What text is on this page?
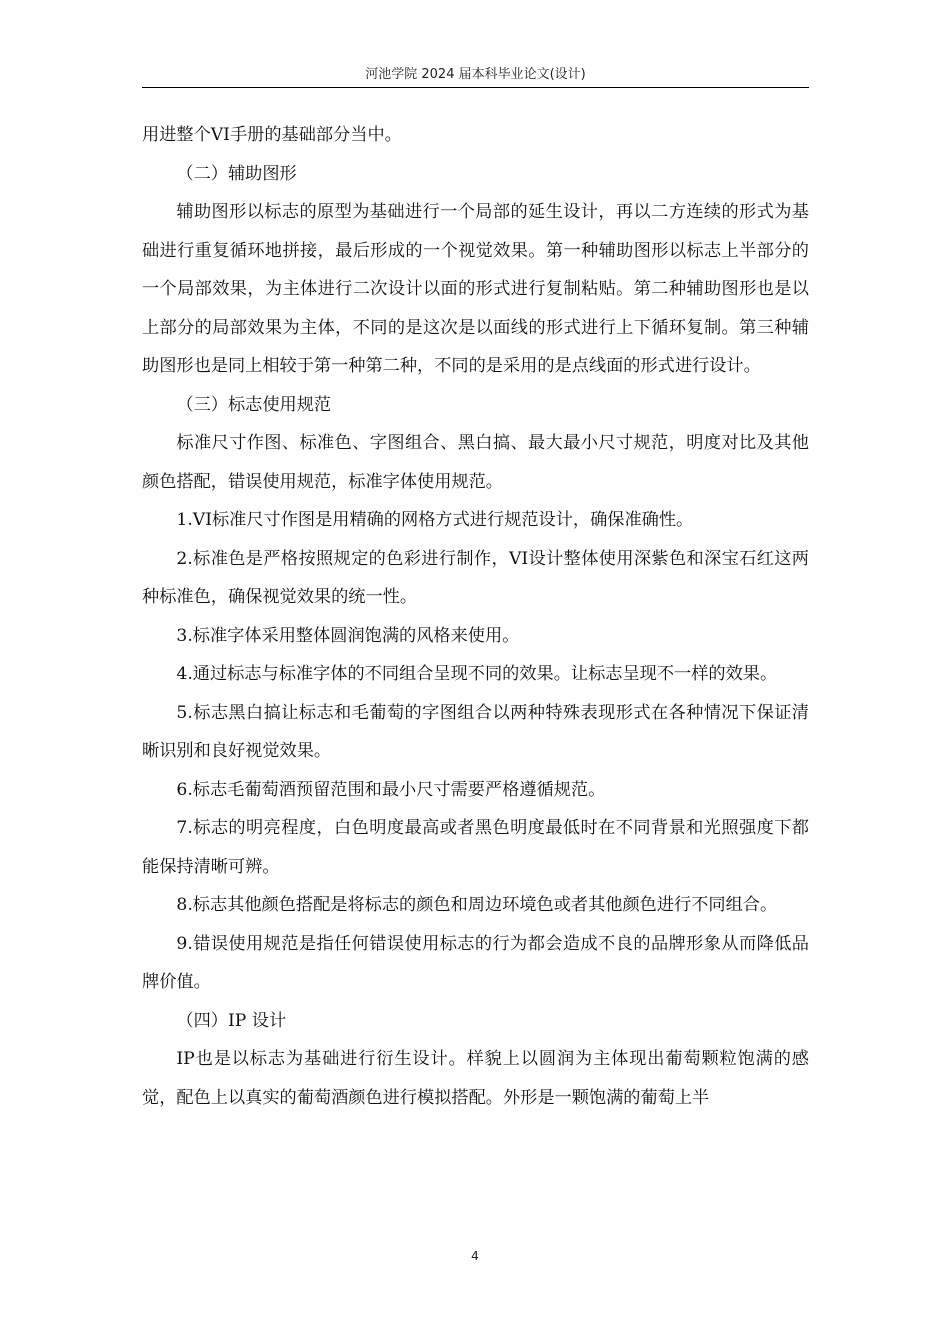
河池学院 2024 届本科毕业论文(设计)

用进整个VI手册的基础部分当中。

（二）辅助图形

辅助图形以标志的原型为基础进行一个局部的延生设计，再以二方连续的形式为基础进行重复循环地拼接，最后形成的一个视觉效果。第一种辅助图形以标志上半部分的一个局部效果，为主体进行二次设计以面的形式进行复制粘贴。第二种辅助图形也是以上部分的局部效果为主体，不同的是这次是以面线的形式进行上下循环复制。第三种辅助图形也是同上相较于第一种第二种，不同的是采用的是点线面的形式进行设计。

（三）标志使用规范

标准尺寸作图、标准色、字图组合、黑白搞、最大最小尺寸规范，明度对比及其他颜色搭配，错误使用规范，标准字体使用规范。

1.VI标准尺寸作图是用精确的网格方式进行规范设计，确保准确性。

2.标准色是严格按照规定的色彩进行制作，VI设计整体使用深紫色和深宝石红这两种标准色，确保视觉效果的统一性。

3.标准字体采用整体圆润饱满的风格来使用。

4.通过标志与标准字体的不同组合呈现不同的效果。让标志呈现不一样的效果。

5.标志黑白搞让标志和毛葡萄的字图组合以两种特殊表现形式在各种情况下保证清晰识别和良好视觉效果。

6.标志毛葡萄酒预留范围和最小尺寸需要严格遵循规范。

7.标志的明亮程度，白色明度最高或者黑色明度最低时在不同背景和光照强度下都能保持清晰可辨。

8.标志其他颜色搭配是将标志的颜色和周边环境色或者其他颜色进行不同组合。

9.错误使用规范是指任何错误使用标志的行为都会造成不良的品牌形象从而降低品牌价值。

（四）IP 设计

IP也是以标志为基础进行衍生设计。样貌上以圆润为主体现出葡萄颗粒饱满的感觉，配色上以真实的葡萄酒颜色进行模拟搭配。外形是一颗饱满的葡萄上半

4
